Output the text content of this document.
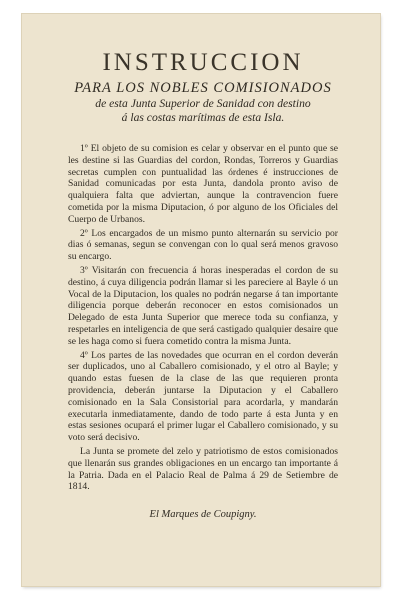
INSTRUCCION
PARA LOS NOBLES COMISIONADOS
de esta Junta Superior de Sanidad con destino
á las costas marítimas de esta Isla.

1º El objeto de su comision es celar y observar en el punto que se les destine si las Guardias del cordon, Rondas, Torreros y Guardias secretas cumplen con puntualidad las órdenes é instrucciones de Sanidad comunicadas por esta Junta, dandola pronto aviso de qualquiera falta que adviertan, aunque la contravencion fuere cometida por la misma Diputacion, ó por alguno de los Oficiales del Cuerpo de Urbanos.

2º Los encargados de un mismo punto alternarán su servicio por dias ó semanas, segun se convengan con lo qual será menos gravoso su encargo.

3º Visitarán con frecuencia á horas inesperadas el cordon de su destino, á cuya diligencia podrán llamar si les pareciere al Bayle ó un Vocal de la Diputacion, los quales no podrán negarse á tan importante diligencia porque deberán reconocer en estos comisionados un Delegado de esta Junta Superior que merece toda su confianza, y respetarles en inteligencia de que será castigado qualquier desaire que se les haga como si fuera cometido contra la misma Junta.

4º Los partes de las novedades que ocurran en el cordon deverán ser duplicados, uno al Caballero comisionado, y el otro al Bayle; y quando estas fuesen de la clase de las que requieren pronta providencia, deberán juntarse la Diputacion y el Caballero comisionado en la Sala Consistorial para acordarla, y mandarán executarla inmediatamente, dando de todo parte á esta Junta y en estas sesiones ocupará el primer lugar el Caballero comisionado, y su voto será decisivo.

La Junta se promete del zelo y patriotismo de estos comisionados que llenarán sus grandes obligaciones en un encargo tan importante á la Patria. Dada en el Palacio Real de Palma á 29 de Setiembre de 1814.

El Marques de Coupigny.
